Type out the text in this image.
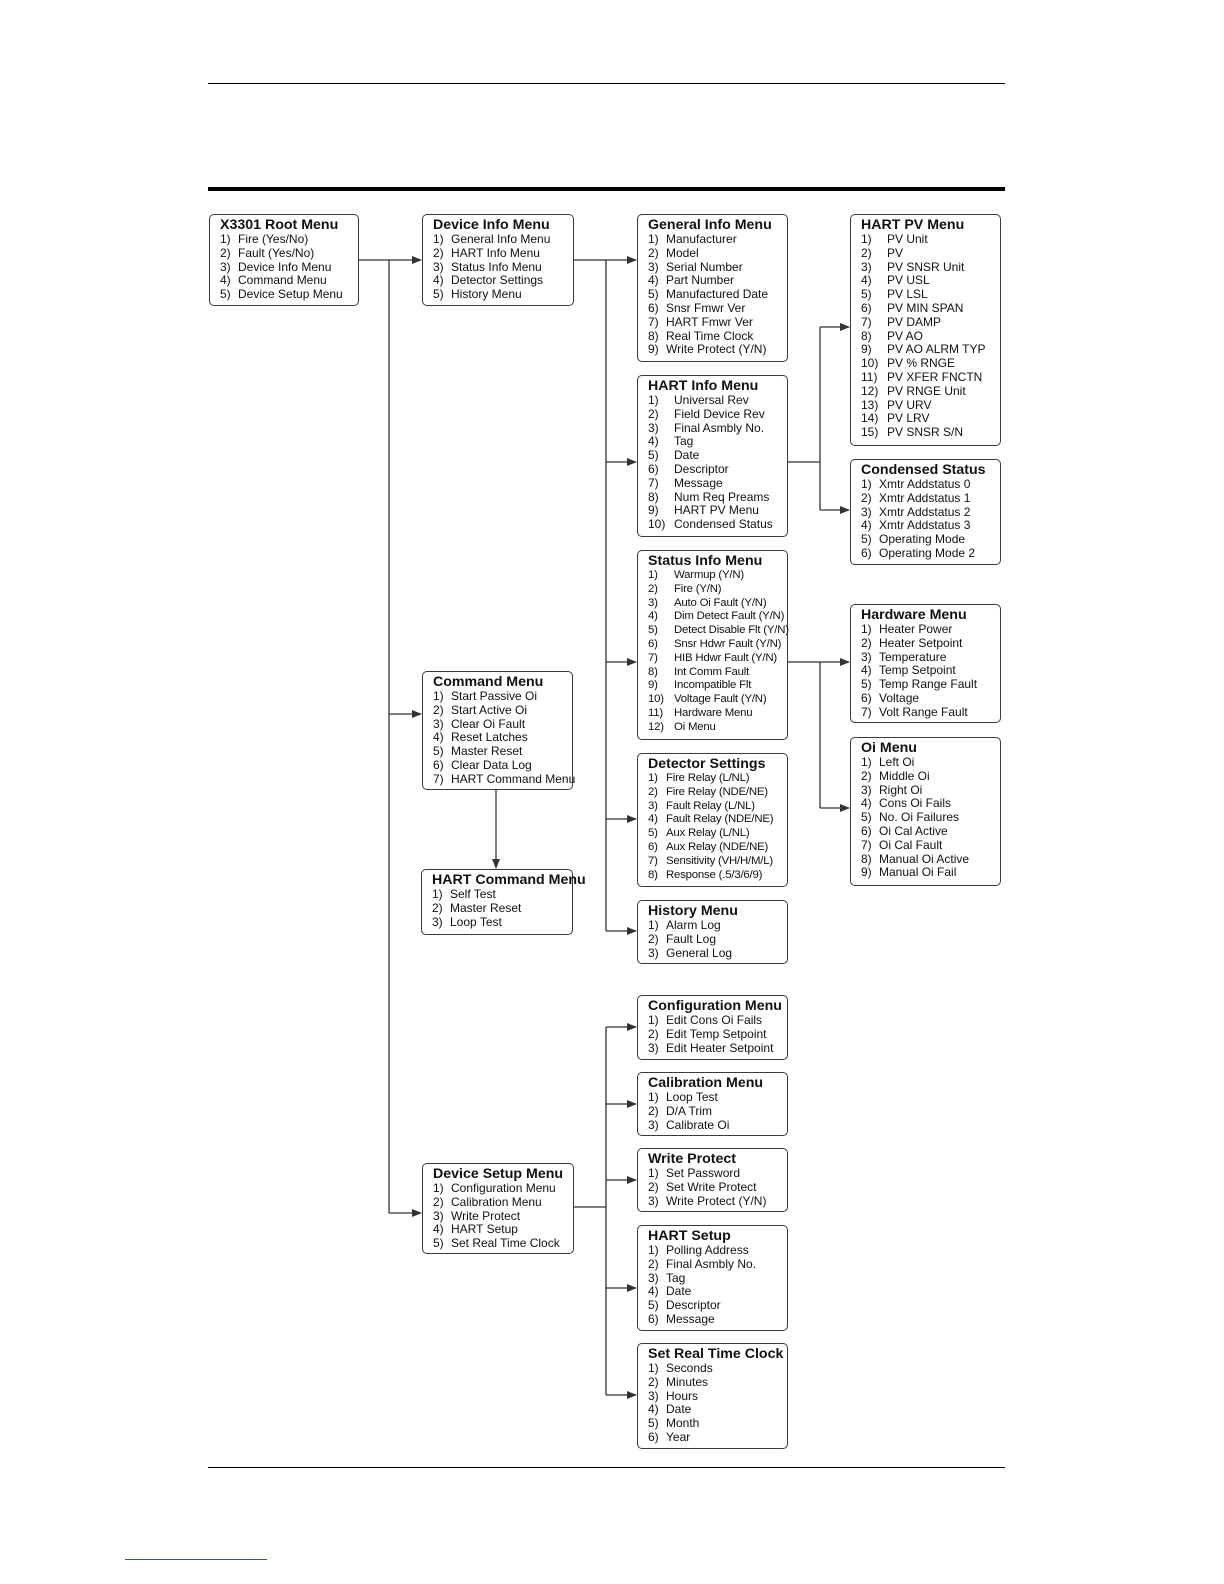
X3301 Root Menu
1) Fire (Yes/No)
2) Fault (Yes/No)
3) Device Info Menu
4) Command Menu
5) Device Setup Menu
Device Info Menu
1) General Info Menu
2) HART Info Menu
3) Status Info Menu
4) Detector Settings
5) History Menu
Command Menu
1) Start Passive Oi
2) Start Active Oi
3) Clear Oi Fault
4) Reset Latches
5) Master Reset
6) Clear Data Log
7) HART Command Menu
HART Command Menu
1) Self Test
2) Master Reset
3) Loop Test
Device Setup Menu
1) Configuration Menu
2) Calibration Menu
3) Write Protect
4) HART Setup
5) Set Real Time Clock
General Info Menu
1) Manufacturer
2) Model
3) Serial Number
4) Part Number
5) Manufactured Date
6) Snsr Fmwr Ver
7) HART Fmwr Ver
8) Real Time Clock
9) Write Protect (Y/N)
HART Info Menu
1)	Universal Rev
2)	Field Device Rev
3)	Final Asmbly No.
4)	Tag
5)	Date
6)	Descriptor
7)	Message
8)	Num Req Preams
9)	HART PV Menu
10) Condensed Status
Status Info Menu
1)	Warmup (Y/N)
2)	Fire (Y/N)
3)	Auto Oi Fault (Y/N)
4)	Dim Detect Fault (Y/N)
5)	Detect Disable Flt (Y/N)
6)	Snsr Hdwr Fault (Y/N)
7)	HIB Hdwr Fault (Y/N)
8)	Int Comm Fault
9)	Incompatible Flt
10) Voltage Fault (Y/N)
11) Hardware Menu
12) Oi Menu
Detector Settings
1) Fire Relay (L/NL)
2) Fire Relay (NDE/NE)
3) Fault Relay (L/NL)
4) Fault Relay (NDE/NE)
5) Aux Relay (L/NL)
6) Aux Relay (NDE/NE)
7) Sensitivity (VH/H/M/L)
8) Response (.5/3/6/9)
History Menu
1) Alarm Log
2) Fault Log
3) General Log
Configuration Menu
1) Edit Cons Oi Fails
2) Edit Temp Setpoint
3) Edit Heater Setpoint
Calibration Menu
1) Loop Test
2) D/A Trim
3) Calibrate Oi
Write Protect
1) Set Password
2) Set Write Protect
3) Write Protect (Y/N)
HART Setup
1) Polling Address
2) Final Asmbly No.
3) Tag
4) Date
5) Descriptor
6) Message
Set Real Time Clock
1) Seconds
2) Minutes
3) Hours
4) Date
5) Month
6) Year
HART PV Menu
1)	PV Unit
2)	PV
3)	PV SNSR Unit
4)	PV USL
5)	PV LSL
6)	PV MIN SPAN
7)	PV DAMP
8)	PV AO
9)	PV AO ALRM TYP
10) PV % RNGE
11) PV XFER FNCTN
12) PV RNGE Unit
13) PV URV
14) PV LRV
15) PV SNSR S/N
Condensed Status
1) Xmtr Addstatus 0
2) Xmtr Addstatus 1
3) Xmtr Addstatus 2
4) Xmtr Addstatus 3
5) Operating Mode
6) Operating Mode 2
Hardware Menu
1) Heater Power
2) Heater Setpoint
3) Temperature
4) Temp Setpoint
5) Temp Range Fault
6) Voltage
7) Volt Range Fault
Oi Menu
1) Left Oi
2) Middle Oi
3) Right Oi
4) Cons Oi Fails
5) No. Oi Failures
6) Oi Cal Active
7) Oi Cal Fault
8) Manual Oi Active
9) Manual Oi Fail
